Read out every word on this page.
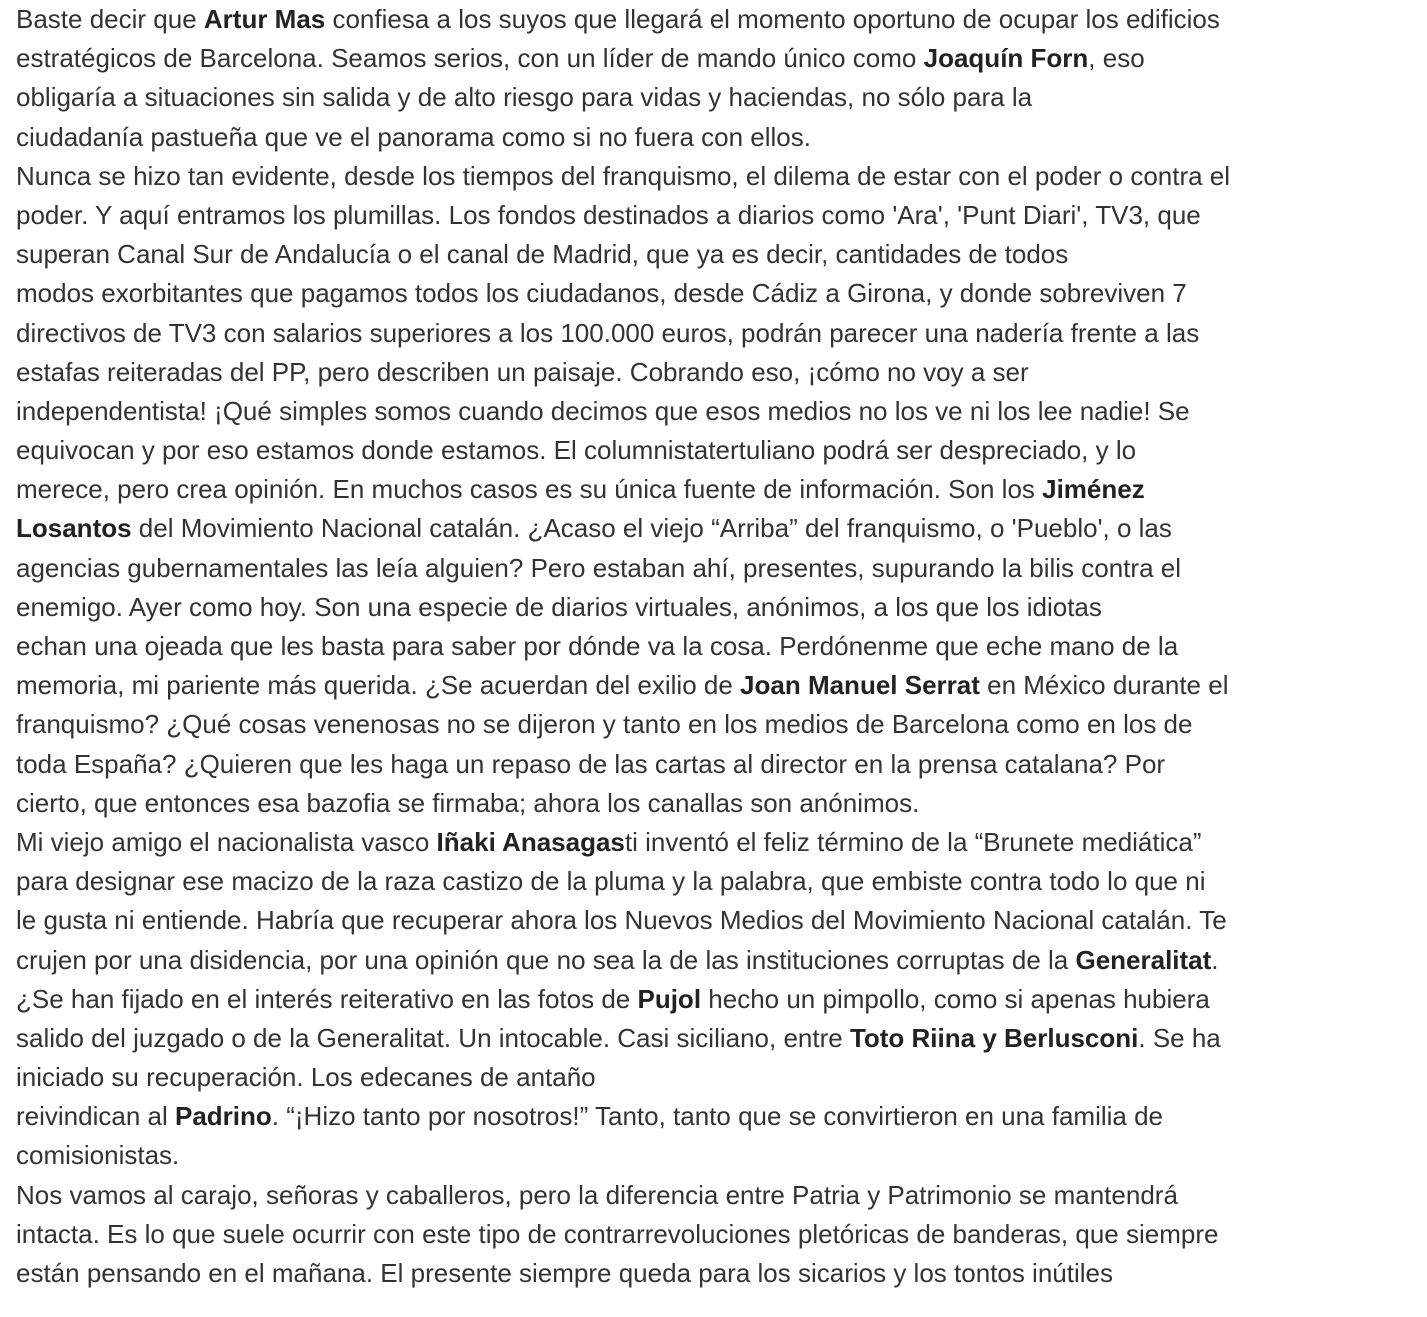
Baste decir que Artur Mas confiesa a los suyos que llegará el momento oportuno de ocupar los edificios
estratégicos de Barcelona. Seamos serios, con un líder de mando único como Joaquín Forn, eso
obligaría a situaciones sin salida y de alto riesgo para vidas y haciendas, no sólo para la
ciudadanía pastueña que ve el panorama como si no fuera con ellos.
Nunca se hizo tan evidente, desde los tiempos del franquismo, el dilema de estar con el poder o contra el
poder. Y aquí entramos los plumillas. Los fondos destinados a diarios como 'Ara', 'Punt Diari', TV3, que
superan Canal Sur de Andalucía o el canal de Madrid, que ya es decir, cantidades de todos
modos exorbitantes que pagamos todos los ciudadanos, desde Cádiz a Girona, y donde sobreviven 7
directivos de TV3 con salarios superiores a los 100.000 euros, podrán parecer una nadería frente a las
estafas reiteradas del PP, pero describen un paisaje. Cobrando eso, ¡cómo no voy a ser
independentista! ¡Qué simples somos cuando decimos que esos medios no los ve ni los lee nadie! Se
equivocan y por eso estamos donde estamos. El columnistatertuliano podrá ser despreciado, y lo
merece, pero crea opinión. En muchos casos es su única fuente de información. Son los Jiménez
Losantos del Movimiento Nacional catalán. ¿Acaso el viejo “Arriba” del franquismo, o 'Pueblo', o las
agencias gubernamentales las leía alguien? Pero estaban ahí, presentes, supurando la bilis contra el
enemigo. Ayer como hoy. Son una especie de diarios virtuales, anónimos, a los que los idiotas
echan una ojeada que les basta para saber por dónde va la cosa. Perdónenme que eche mano de la
memoria, mi pariente más querida. ¿Se acuerdan del exilio de Joan Manuel Serrat en México durante el
franquismo? ¿Qué cosas venenosas no se dijeron y tanto en los medios de Barcelona como en los de
toda España? ¿Quieren que les haga un repaso de las cartas al director en la prensa catalana? Por
cierto, que entonces esa bazofia se firmaba; ahora los canallas son anónimos.
Mi viejo amigo el nacionalista vasco Iñaki Anasagasti inventó el feliz término de la “Brunete mediática”
para designar ese macizo de la raza castizo de la pluma y la palabra, que embiste contra todo lo que ni
le gusta ni entiende. Habría que recuperar ahora los Nuevos Medios del Movimiento Nacional catalán. Te
crujen por una disidencia, por una opinión que no sea la de las instituciones corruptas de la Generalitat.
¿Se han fijado en el interés reiterativo en las fotos de Pujol hecho un pimpollo, como si apenas hubiera
salido del juzgado o de la Generalitat. Un intocable. Casi siciliano, entre Toto Riina y Berlusconi. Se ha
iniciado su recuperación. Los edecanes de antaño
reivindican al Padrino. “¡Hizo tanto por nosotros!” Tanto, tanto que se convirtieron en una familia de
comisionistas.
Nos vamos al carajo, señoras y caballeros, pero la diferencia entre Patria y Patrimonio se mantendrá
intacta. Es lo que suele ocurrir con este tipo de contrarrevoluciones pletóricas de banderas, que siempre
están pensando en el mañana. El presente siempre queda para los sicarios y los tontos inútiles
